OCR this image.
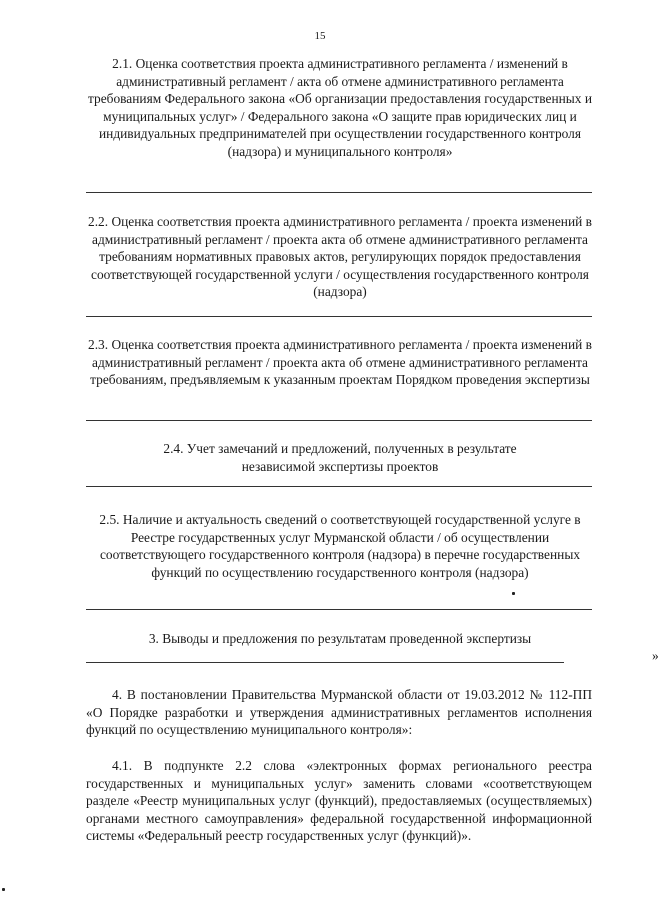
15
2.1. Оценка соответствия проекта административного регламента / изменений в административный регламент / акта об отмене административного регламента требованиям Федерального закона «Об организации предоставления государственных и муниципальных услуг» / Федерального закона «О защите прав юридических лиц и индивидуальных предпринимателей при осуществлении государственного контроля (надзора) и муниципального контроля»
2.2. Оценка соответствия проекта административного регламента / проекта изменений в административный регламент / проекта акта об отмене административного регламента требованиям нормативных правовых актов, регулирующих порядок предоставления соответствующей государственной услуги / осуществления государственного контроля (надзора)
2.3. Оценка соответствия проекта административного регламента / проекта изменений в административный регламент / проекта акта об отмене административного регламента требованиям, предъявляемым к указанным проектам Порядком проведения экспертизы
2.4. Учет замечаний и предложений, полученных в результате независимой экспертизы проектов
2.5. Наличие и актуальность сведений о соответствующей государственной услуге в Реестре государственных услуг Мурманской области / об осуществлении соответствующего государственного контроля (надзора) в перечне государственных функций по осуществлению государственного контроля (надзора)
3. Выводы и предложения по результатам проведенной экспертизы
»
4. В постановлении Правительства Мурманской области от 19.03.2012 № 112-ПП «О Порядке разработки и утверждения административных регламентов исполнения функций по осуществлению муниципального контроля»:
4.1. В подпункте 2.2 слова «электронных формах регионального реестра государственных и муниципальных услуг» заменить словами «соответствующем разделе «Реестр муниципальных услуг (функций), предоставляемых (осуществляемых) органами местного самоуправления» федеральной государственной информационной системы «Федеральный реестр государственных услуг (функций)».
